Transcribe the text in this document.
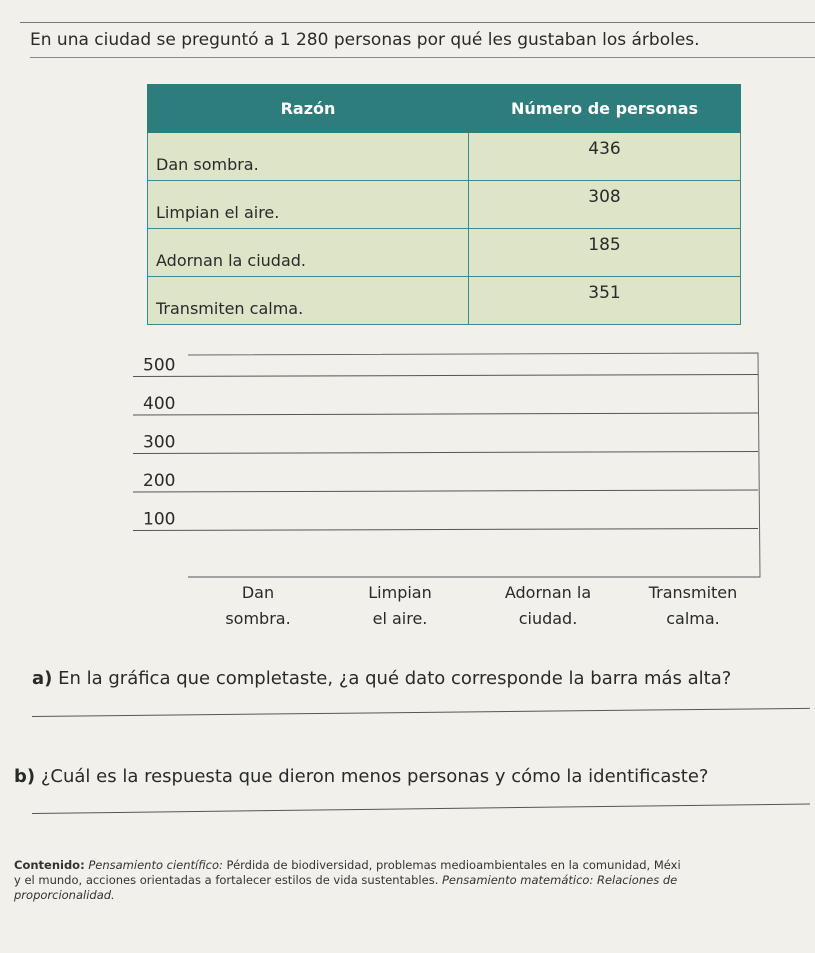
En una ciudad se preguntó a 1 280 personas por qué les gustaban los árboles.
Razón	Número de personas
Dan sombra.	436
Limpian el aire.	308
Adornan la ciudad.	185
Transmiten calma.	351
100
200
300
400
500
Dan
sombra.
Limpian
el aire.
Adornan la
ciudad.
Transmiten
calma.
a) En la gráfica que completaste, ¿a qué dato corresponde la barra más alta?
b) ¿Cuál es la respuesta que dieron menos personas y cómo la identificaste?
Contenido: Pensamiento científico: Pérdida de biodiversidad, problemas medioambientales en la comunidad, Méxi
y el mundo, acciones orientadas a fortalecer estilos de vida sustentables. Pensamiento matemático: Relaciones de
proporcionalidad.
